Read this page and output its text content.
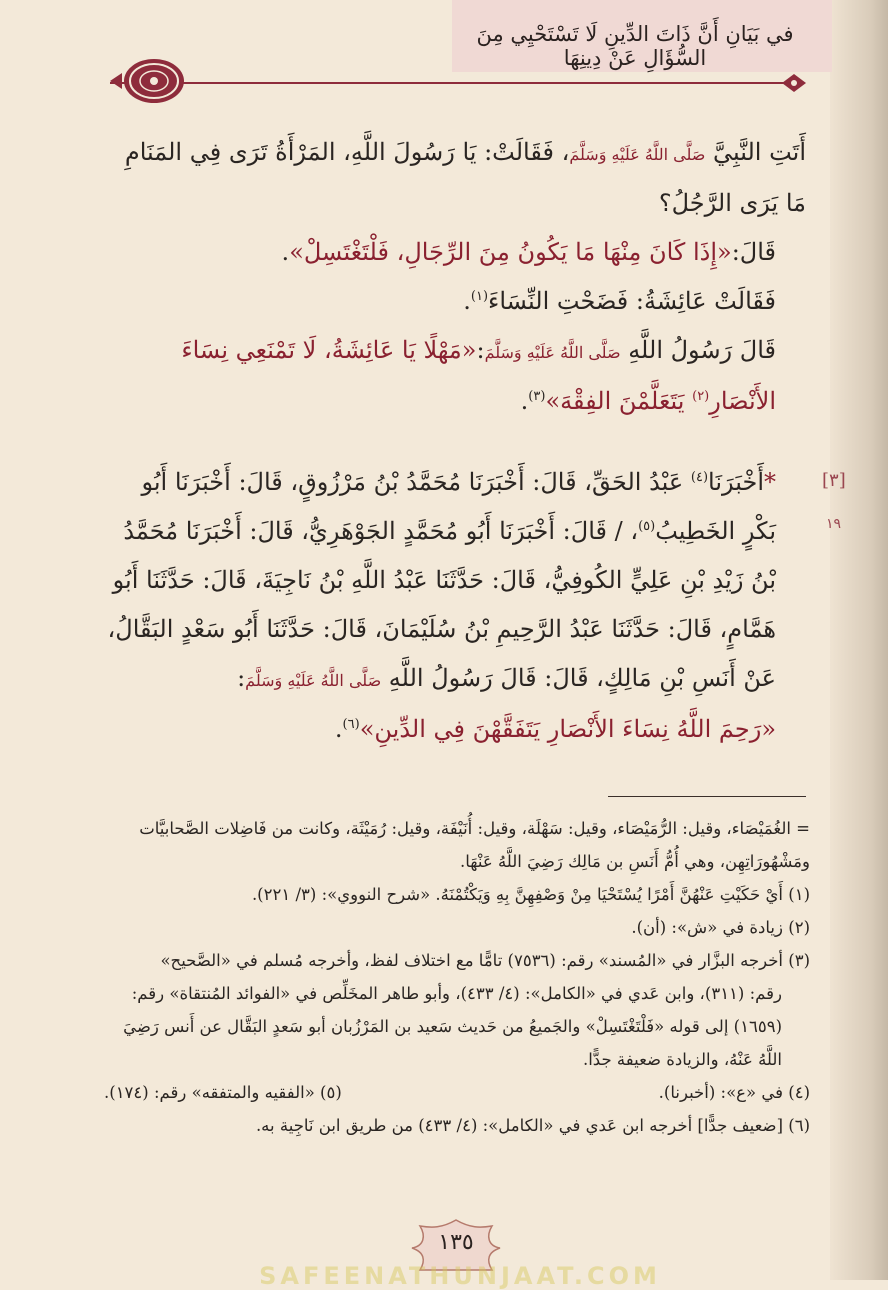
في بَيَانِ أَنَّ ذَاتَ الدِّينِ لَا تَسْتَحْيِي مِنَ السُّؤَالِ عَنْ دِينِهَا

أَتَتِ النَّبِيَّ صَلَّى اللَّهُ عَلَيْهِ وَسَلَّمَ، فَقَالَتْ: يَا رَسُولَ اللَّهِ، المَرْأَةُ تَرَى فِي المَنَامِ مَا يَرَى الرَّجُلُ؟

قَالَ:«إِذَا كَانَ مِنْهَا مَا يَكُونُ مِنَ الرِّجَالِ، فَلْتَغْتَسِلْ».

فَقَالَتْ عَائِشَةُ: فَضَحْتِ النِّسَاءَ$^{(١)}$.

قَالَ رَسُولُ اللَّهِ صَلَّى اللَّهُ عَلَيْهِ وَسَلَّمَ:«مَهْلًا يَا عَائِشَةُ، لَا تَمْنَعِي نِسَاءَ الأَنْصَارِ$^{(٢)}$ يَتَعَلَّمْنَ الفِقْهَ»$^{(٣)}$.

*أَخْبَرَنَا$^{(٤)}$ عَبْدُ الحَقِّ، قَالَ: أَخْبَرَنَا مُحَمَّدُ بْنُ مَرْزُوقٍ، قَالَ: أَخْبَرَنَا أَبُو بَكْرٍ الخَطِيبُ$^{(٥)}$، / قَالَ: أَخْبَرَنَا أَبُو مُحَمَّدٍ الجَوْهَرِيُّ، قَالَ: أَخْبَرَنَا مُحَمَّدُ بْنُ زَيْدِ بْنِ عَلِيٍّ الكُوفِيُّ، قَالَ: حَدَّثَنَا عَبْدُ اللَّهِ بْنُ نَاجِيَةَ، قَالَ: حَدَّثَنَا أَبُو هَمَّامٍ، قَالَ: حَدَّثَنَا عَبْدُ الرَّحِيمِ بْنُ سُلَيْمَانَ، قَالَ: حَدَّثَنَا أَبُو سَعْدٍ البَقَّالُ، عَنْ أَنَسِ بْنِ مَالِكٍ، قَالَ: قَالَ رَسُولُ اللَّهِ صَلَّى اللَّهُ عَلَيْهِ وَسَلَّمَ:

«رَحِمَ اللَّهُ نِسَاءَ الأَنْصَارِ يَتَفَقَّهْنَ فِي الدِّينِ»$^{(٦)}$.

[٣]
١٩

= الغُمَيْصَاء، وقيل: الرُّمَيْصَاء، وقيل: سَهْلَة، وقيل: أُنَيْفَة، وقيل: رُمَيْثَة، وكانت من فَاضِلات الصَّحابيَّات ومَشْهُورَاتِهِن، وهي أُمُّ أَنَسِ بن مَالِك رَضِيَ اللَّهُ عَنْهَا.

(١) أَيْ حَكَيْتِ عَنْهُنَّ أَمْرًا يُسْتَحْيَا مِنْ وَصْفِهِنَّ بِهِ وَيَكْتُمْنَهُ. «شرح النووي»: (٣/ ٢٢١).

(٢) زيادة في «ش»: (أن).

(٣) أخرجه البزَّار في «المُسند» رقم: (٧٥٣٦) تامًّا مع اختلاف لفظ، وأخرجه مُسلم في «الصَّحيح»

رقم: (٣١١)، وابن عَدي في «الكامل»: (٤/ ٤٣٣)، وأبو طاهر المخَلِّص في «الفوائد المُنتقاة» رقم: (١٦٥٩) إلى قوله «فَلْتَغْتَسِلْ» والجَميعُ من حَديث سَعيد بن المَرْزُبان أبو سَعدٍ البَقَّال عن أَنس رَضِيَ اللَّهُ عَنْهُ، والزيادة ضعيفة جدًّا.

(٤) في «ع»: (أخبرنا).
(٥) «الفقيه والمتفقه» رقم: (١٧٤).

(٦) [ضعيف جدًّا] أخرجه ابن عَدي في «الكامل»: (٤/ ٤٣٣) من طريق ابن نَاجِية به.

١٣٥
SAFEENATHUNJAAT.COM
